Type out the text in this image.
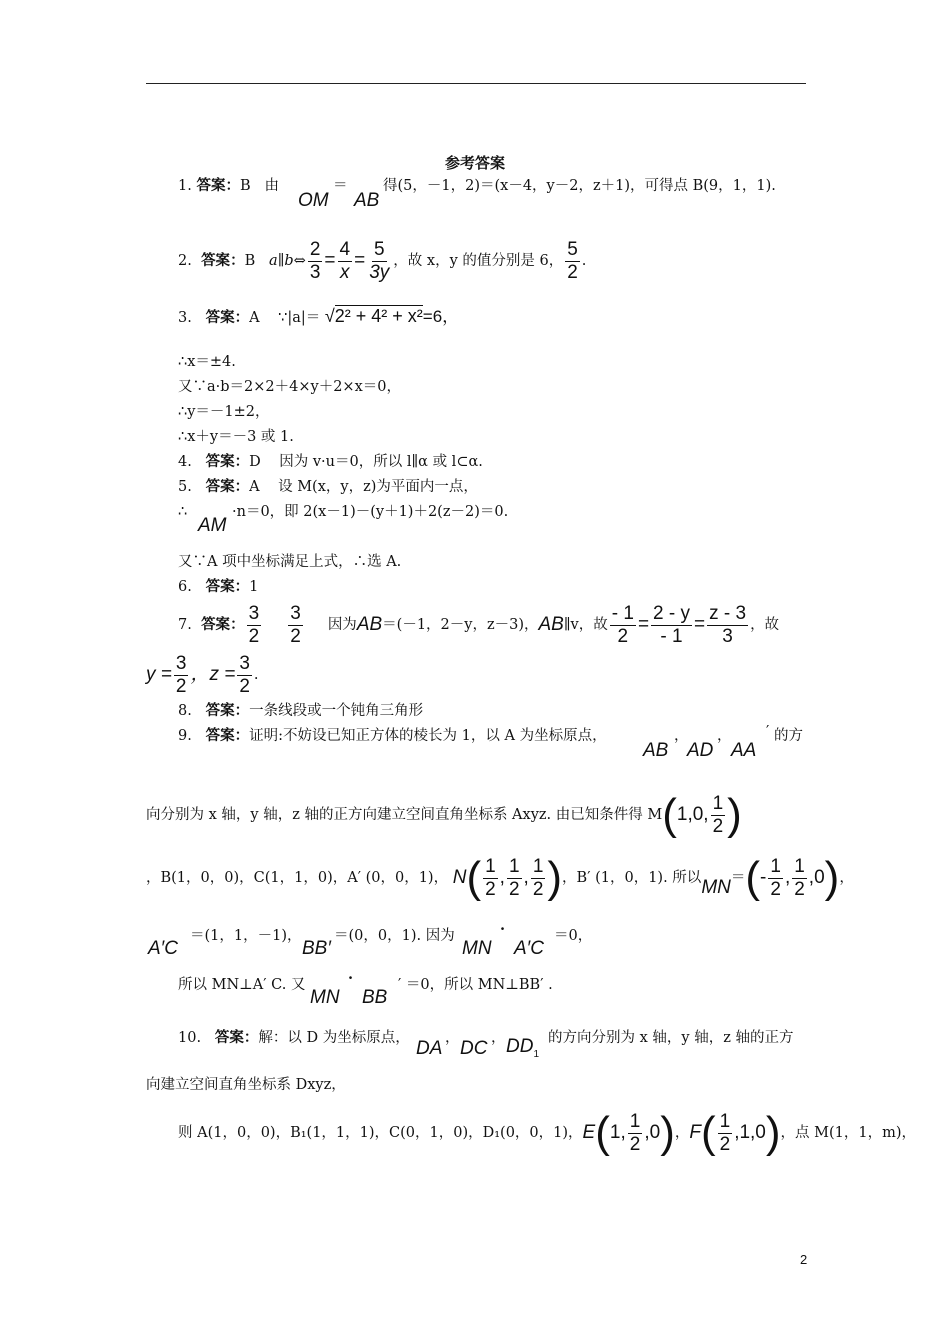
参考答案
1. 答案：B 由
OM
＝
AB
得(5，－1，2)＝(x－4，y－2，z＋1)，可得点 B(9，1，1).
2.
答案 ： B
a∥b⇔ $\frac{2}{3} = \frac{4}{x} = \frac{5}{3y}$ ，故 x，y 的值分别是 6， $\frac{5}{2}$ .
3. 答案：A ∵|a|＝ √2² + 4² + x²=6，
∴x＝±4.
又∵a·b＝2×2＋4×y＋2×x＝0，
∴y＝－1±2，
∴x＋y＝－3 或 1.
4. 答案：D 因为 v·u＝0，所以 l∥α 或 l⊂α.
5. 答案：A 设 M(x，y，z)为平面内一点，
∴
AM
·n＝0，即 2(x－1)－(y＋1)＋2(z－2)＝0.
又∵A 项中坐标满足上式，∴选 A.
6. 答案：1
7.
答案 ： $\frac{3}{2}$
$\frac{3}{2}$
因为 AB ＝(－1，2－y，z－3)， AB ∥v，故 $\frac{- 1}{2} = \frac{2 - y}{- 1} = \frac{z - 3}{3}$ ，故
$y = \frac{3}{2}$ ，$z = \frac{3}{2}$ .
8. 答案：一条线段或一个钝角三角形
9. 答案：证明:不妨设已知正方体的棱长为 1，以 A 为坐标原点，
AB
，
AD
，
AA
′ 的方
向分别为 x 轴，y 轴，z 轴的正方向建立空间直角坐标系 Axyz. 由已知条件得 M ( 1,0, $\frac{1}{2}$ )
，B(1，0，0)，C(1，1，0)，A′ (0，0，1)，
N ( $\frac{1}{2}$ , $\frac{1}{2}$ , $\frac{1}{2}$ ) ，B′ (1，0，1). 所以 MN ＝ ( - $\frac{1}{2}$ , $\frac{1}{2} ,0$ ) ，
A′C
＝(1，1，－1)，
BB′
＝(0，0，1). 因为
MN
·
A′C
＝0，
所以 MN⊥A′ C. 又
MN
·
BB
′ ＝0，所以 MN⊥BB′ .
10. 答案：解：以 D 为坐标原点， DA ， DC ， $DD_1$
的方向分别为 x 轴，y 轴，z 轴的正方
向建立空间直角坐标系 Dxyz，
则 A(1，0，0)，B₁(1，1，1)，C(0，1，0)，D₁(0，0，1)， E ( 1, $\frac{1}{2} ,0$ ) ， F ( $\frac{1}{2} ,1,0$ ) ，点 M(1，1，m)，
2
